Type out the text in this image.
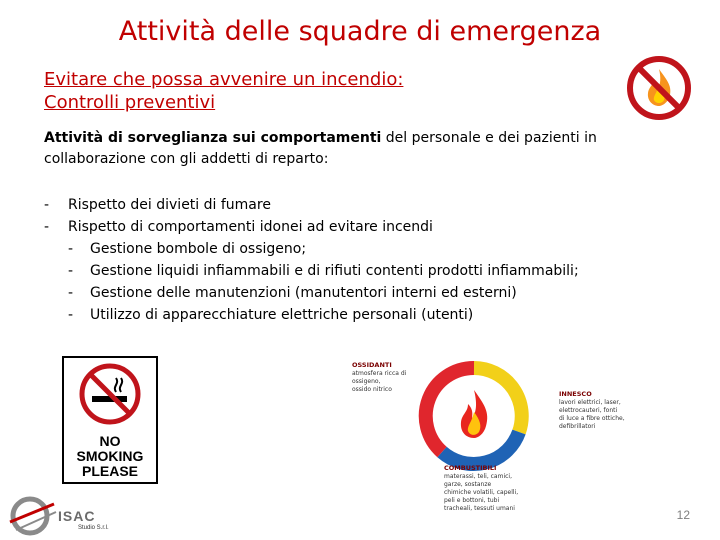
Attività delle squadre di emergenza
Evitare che possa avvenire un incendio:
Controlli preventivi
Attività di sorveglianza sui comportamenti del personale e dei pazienti in collaborazione con gli addetti di reparto:
- Rispetto dei divieti di fumare
- Rispetto di comportamenti idonei ad evitare incendi
- Gestione bombole di ossigeno;
- Gestione liquidi infiammabili e di rifiuti contenti prodotti infiammabili;
- Gestione delle manutenzioni (manutentori interni ed esterni)
- Utilizzo di apparecchiature elettriche personali (utenti)
NO
SMOKING
PLEASE
OSSIDANTI
atmosfera ricca di
ossigeno,
ossido nitrico
INNESCO
lavori elettrici, laser,
elettrocauteri, fonti
di luce a fibre ottiche,
defibrillatori
COMBUSTIBILI
materassi, teli, camici,
garze, sostanze
chimiche volatili, capelli,
peli e bottoni, tubi
tracheali, tessuti umani
ISAC
Studio S.r.l.
12
